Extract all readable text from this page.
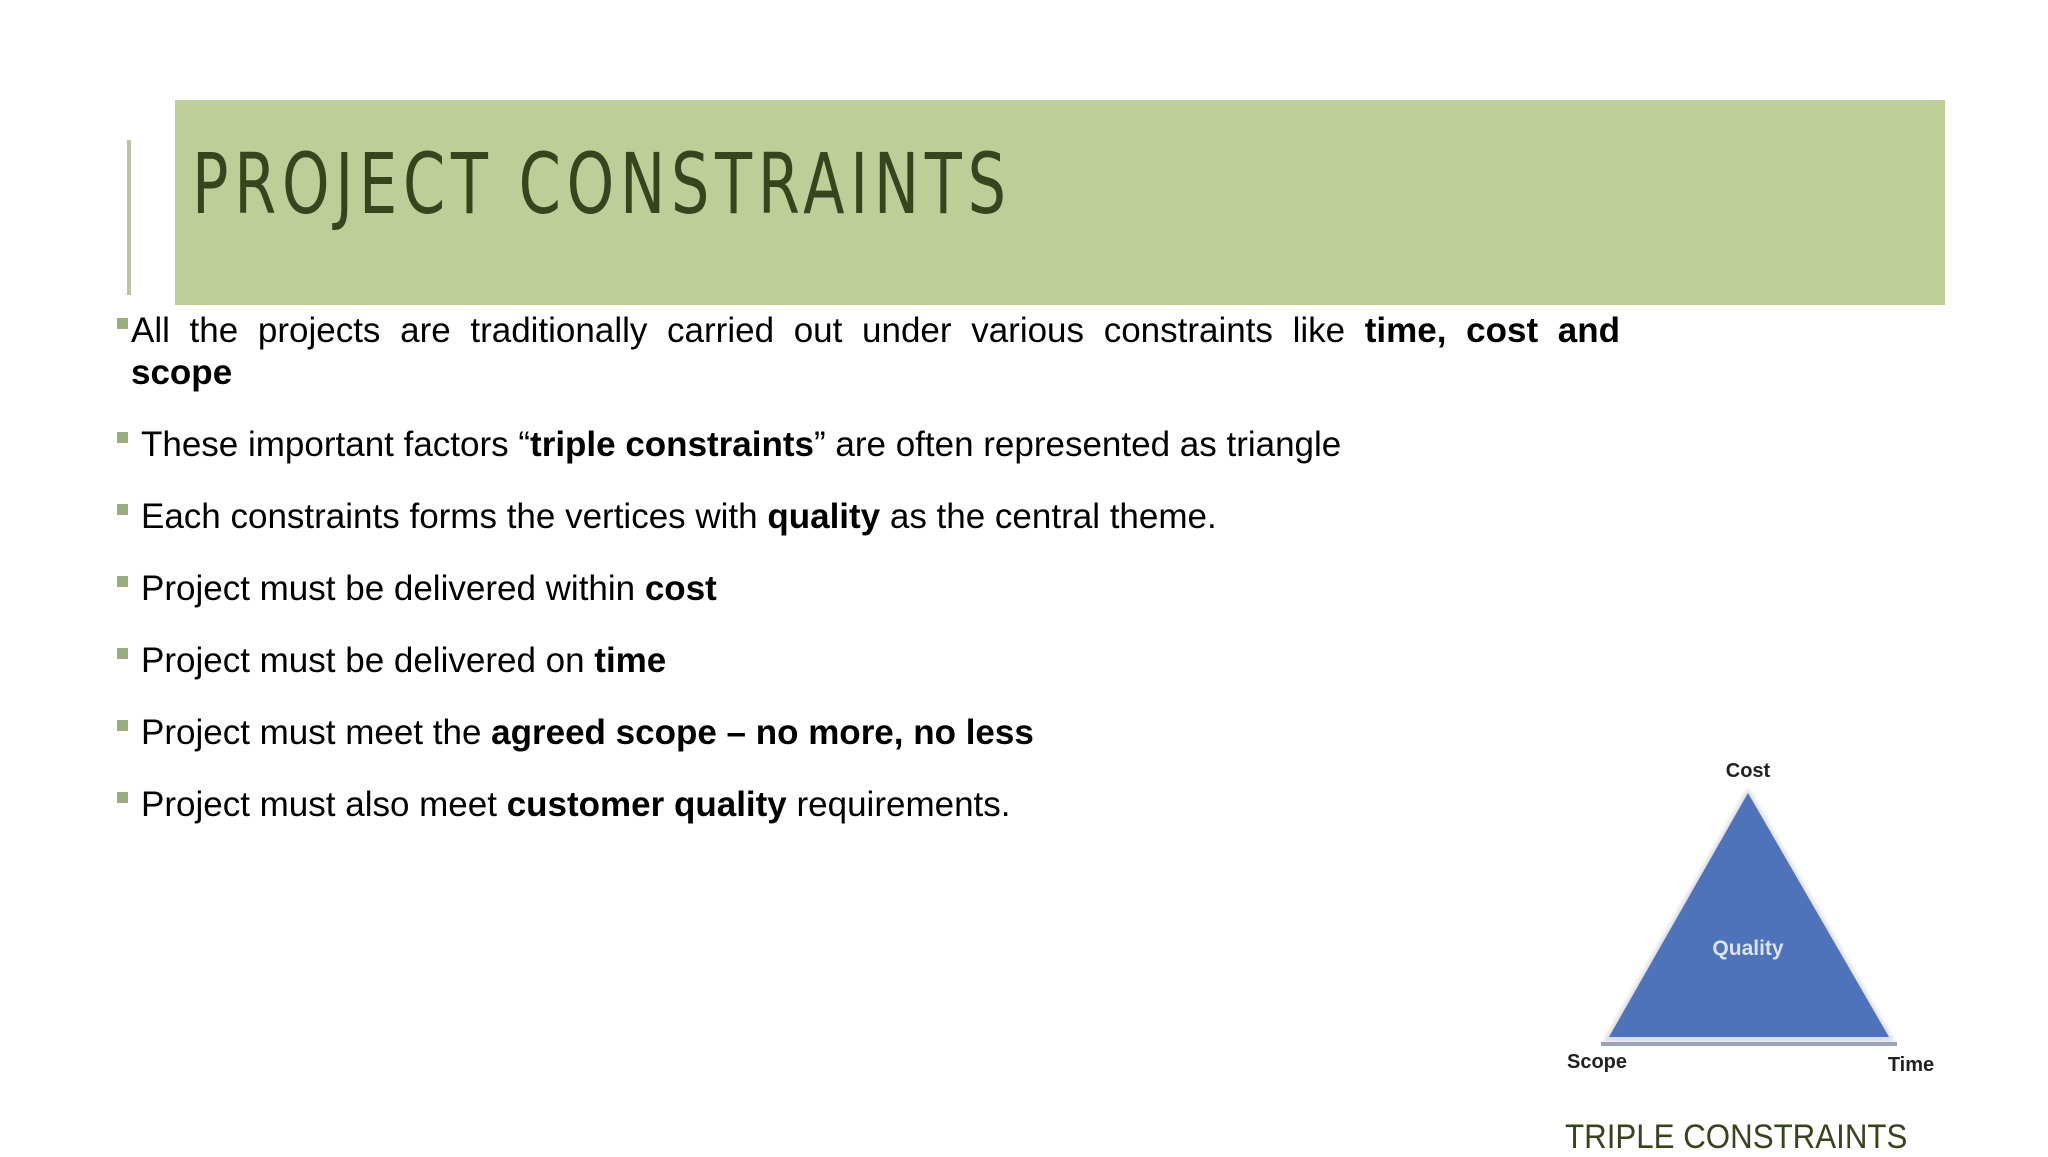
PROJECT CONSTRAINTS
All the projects are traditionally carried out under various constraints like time, cost and
scope
These important factors “triple constraints” are often represented as triangle
Each constraints forms the vertices with quality as the central theme.
Project must be delivered within cost
Project must be delivered on time
Project must meet the agreed scope – no more, no less
Project must also meet customer quality requirements.
Cost
Quality
Scope	Time
TRIPLE CONSTRAINTS
